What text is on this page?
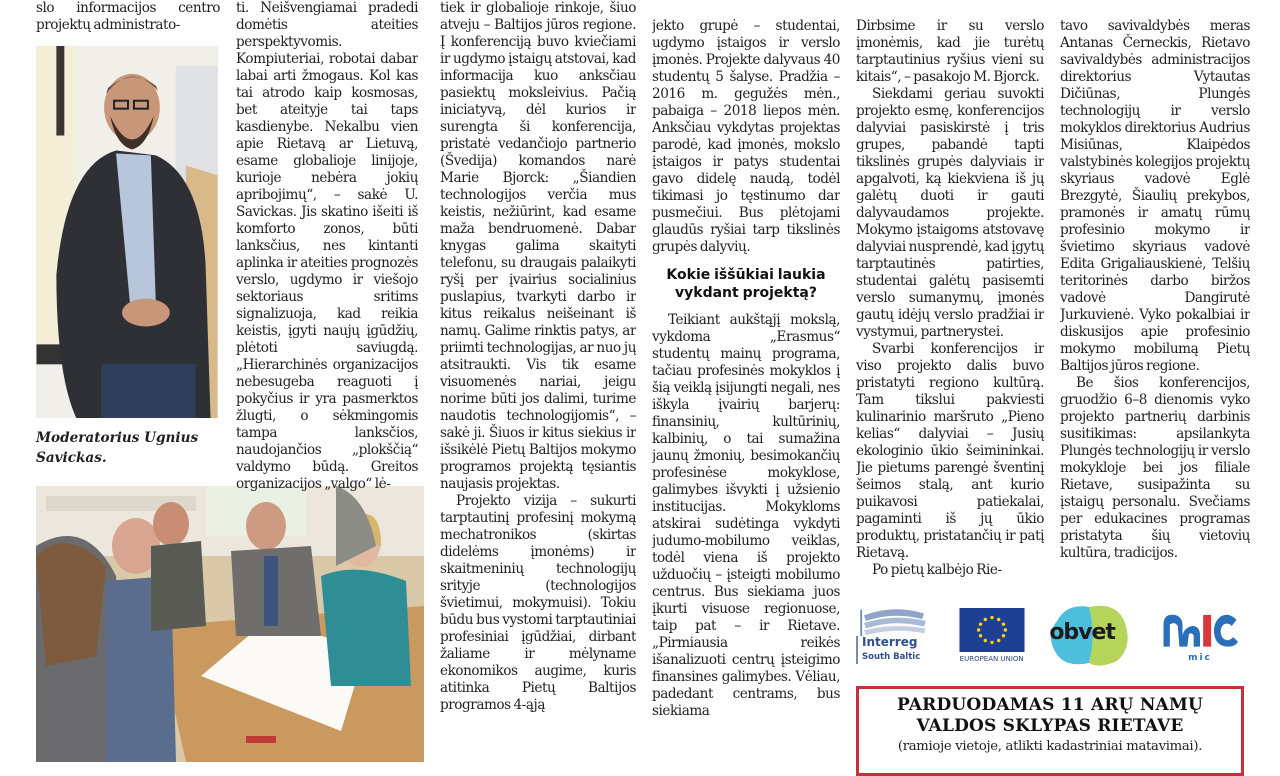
slo informacijos centro projektų administrato-

Moderatorius Ugnius Savickas.

ti. Neišvengiamai pradedi domėtis ateities perspektyvomis. Kompiuteriai, robotai dabar labai arti žmogaus. Kol kas tai atrodo kaip kosmosas, bet ateityje tai taps kasdienybe. Nekalbu vien apie Rietavą ar Lietuvą, esame globalioje linijoje, kurioje nebėra jokių apribojimų“, – sakė U. Savickas. Jis skatino išeiti iš komforto zonos, būti lanksčius, nes kintanti aplinka ir ateities prognozės verslo, ugdymo ir viešojo sektoriaus sritims signalizuoja, kad reikia keistis, įgyti naujų įgūdžių, plėtoti saviugdą. „Hierarchinės organizacijos nebesugeba reaguoti į pokyčius ir yra pasmerktos žlugti, o sėkmingomis tampa lanksčios, naudojančios „plokščią“ valdymo būdą. Greitos organizacijos „valgo“ lė-

tiek ir globalioje rinkoje, šiuo atveju – Baltijos jūros regione. Į konferenciją buvo kviečiami ir ugdymo įstaigų atstovai, kad informacija kuo anksčiau pasiektų moksleivius. Pačią iniciatyvą, dėl kurios ir surengta ši konferencija, pristatė vedančiojo partnerio (Švedija) komandos narė Marie Bjorck: „Šiandien technologijos verčia mus keistis, nežiūrint, kad esame maža bendruomenė. Dabar knygas galima skaityti telefonu, su draugais palaikyti ryšį per įvairius socialinius puslapius, tvarkyti darbo ir kitus reikalus neišeinant iš namų. Galime rinktis patys, ar priimti technologijas, ar nuo jų atsitraukti. Vis tik esame visuomenės nariai, jeigu norime būti jos dalimi, turime naudotis technologijomis“, – sakė ji. Šiuos ir kitus siekius ir išsikėlė Pietų Baltijos mokymo programos projektą tęsiantis naujasis projektas.

Projekto vizija – sukurti tarptautinį profesinį mokymą mechatronikos (skirtas didelėms įmonėms) ir skaitmeninių technologijų srityje (technologijos švietimui, mokymuisi). Tokiu būdu bus vystomi tarptautiniai profesiniai įgūdžiai, dirbant žaliame ir mėlyname ekonomikos augime, kuris atitinka Pietų Baltijos programos 4-ąją

jekto grupė – studentai, ugdymo įstaigos ir verslo įmonės. Projekte dalyvaus 40 studentų 5 šalyse. Pradžia – 2016 m. gegužės mėn., pabaiga – 2018 liepos mėn. Anksčiau vykdytas projektas parodė, kad įmonės, mokslo įstaigos ir patys studentai gavo didelę naudą, todėl tikimasi jo tęstinumo dar pusmečiui. Bus plėtojami glaudūs ryšiai tarp tikslinės grupės dalyvių.

Kokie iššūkiai laukia vykdant projektą?

Teikiant aukštąjį mokslą, vykdoma „Erasmus“ studentų mainų programa, tačiau profesinės mokyklos į šią veiklą įsijungti negali, nes iškyla įvairių barjerų: finansinių, kultūrinių, kalbinių, o tai sumažina jaunų žmonių, besimokančių profesinėse mokyklose, galimybes išvykti į užsienio institucijas. Mokykloms atskirai sudėtinga vykdyti judumo-mobilumo veiklas, todėl viena iš projekto užduočių – įsteigti mobilumo centrus. Bus siekiama juos įkurti visuose regionuose, taip pat – ir Rietave. „Pirmiausia reikės išanalizuoti centrų įsteigimo finansines galimybes. Vėliau, padedant centrams, bus siekiama

Dirbsime ir su verslo įmonėmis, kad jie turėtų tarptautinius ryšius vieni su kitais“, – pasakojo M. Bjorck.

Siekdami geriau suvokti projekto esmę, konferencijos dalyviai pasiskirstė į tris grupes, pabandė tapti tikslinės grupės dalyviais ir apgalvoti, ką kiekviena iš jų galėtų duoti ir gauti dalyvaudamos projekte. Mokymo įstaigoms atstovavę dalyviai nusprendė, kad įgytų tarptautinės patirties, studentai galėtų pasisemti verslo sumanymų, įmonės gautų idėjų verslo pradžiai ir vystymui, partnerystei.

Svarbi konferencijos ir viso projekto dalis buvo pristatyti regiono kultūrą. Tam tikslui pakviesti kulinarinio maršruto „Pieno kelias“ dalyviai – Jusių ekologinio ūkio šeimininkai. Jie pietums parengė šventinį šeimos stalą, ant kurio puikavosi patiekalai, pagaminti iš jų ūkio produktų, pristatančių ir patį Rietavą.

Po pietų kalbėjo Rie-

tavo savivaldybės meras Antanas Černeckis, Rietavo savivaldybės administracijos direktorius Vytautas Dičiūnas, Plungės technologijų ir verslo mokyklos direktorius Audrius Misiūnas, Klaipėdos valstybinės kolegijos projektų skyriaus vadovė Eglė Brezgytė, Šiaulių prekybos, pramonės ir amatų rūmų profesinio mokymo ir švietimo skyriaus vadovė Edita Grigaliauskienė, Telšių teritorinės darbo biržos vadovė Dangirutė Jurkuvienė. Vyko pokalbiai ir diskusijos apie profesinio mokymo mobilumą Pietų Baltijos jūros regione.

Be šios konferencijos, gruodžio 6–8 dienomis vyko projekto partnerių darbinis susitikimas: apsilankyta Plungės technologijų ir verslo mokykloje bei jos filiale Rietave, susipažinta su įstaigų personalu. Svečiams per edukacines programas pristatyta šių vietovių kultūra, tradicijos.

Interreg
South Baltic	EUROPEAN UNION
obvet
mic
PARDUODAMAS 11 ARŲ NAMŲ
VALDOS SKLYPAS RIETAVE
(ramioje vietoje, atlikti kadastriniai matavimai).
